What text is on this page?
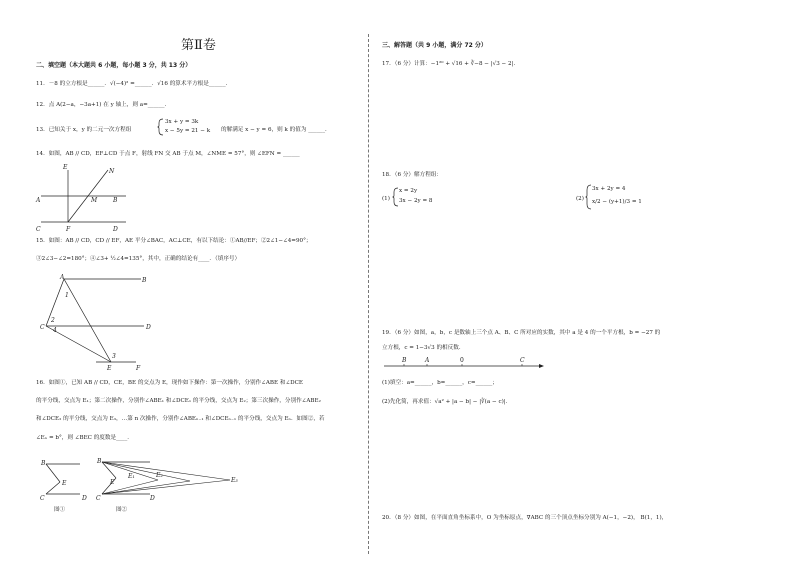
第Ⅱ卷
二、填空题（本大题共 6 小题，每小题 3 分，共 13 分）
11．－8 的立方根是______．√(−4)² =______．√16 的算术平方根是______．
12．点 A(2−a，−3a+1) 在 y 轴上，则 a=______．
13．已知关于 x，y 的二元一次方程组
3x + y = 3k
x − 5y = 21 − k 的解满足 x − y = 6，则 k 的值为 ______．
14．如图，AB // CD，EF⊥CD 于点 F，射线 FN 交 AB 于点 M，∠NME = 57°，则 ∠EFN = ______
E
N
A	M	B
C	F	D
15．如图：AB // CD，CD // EF，AE 平分∠BAC，AC⊥CE，有以下结论：①AB//EF；②2∠1−∠4=90°；
③2∠3−∠2=180°；④∠3+ ½∠4=135°，其中，正确的结论有____．（填序号）
A	B
1
2
C 4	D
3
E	F
16．如图①，已知 AB // CD，CE，BE 的交点为 E，现作如下操作：第一次操作，分别作∠ABE 和∠DCE
的平分线，交点为 E₁；第二次操作，分别作∠ABE₁ 和∠DCE₁ 的平分线，交点为 E₂；第三次操作，分别作∠ABE₂
和∠DCE₂ 的平分线，交点为 E₃，…第 n 次操作，分别作∠ABEₙ₋₁ 和∠DCEₙ₋₁ 的平分线，交点为 Eₙ．如图②，若
∠Eₙ = b°，则 ∠BEC 的度数是____．
B
E
C	D
图①
B
E
E₁	E₂
E₃
C	D
图②
三、解答题（共 9 小题，满分 72 分）
17．（6 分）计算：−1²⁰ + √16 + ∛−8 − |√3 − 2|．
18．（6 分）解方程组：
(1)
x = 2y
3x − 2y = 8	(2)
3x + 2y = 4
x/2 − (y+1)/3 = 1
19．（6 分）如图，a，b，c 是数轴上三个点 A、B、C 所对应的实数，其中 a 是 4 的一个平方根，b = −27 的
立方根，c = 1−3√3 的相反数．
B	A	0	C
(1)填空：a=______，b=______，c=______；
(2)先化简，再求值：√a² + |a − b| − |∛(a − c)|．
20．（8 分）如图，在平面直角坐标系中，O 为坐标原点，∇ABC 的三个顶点坐标分别为 A(−1，−2)， B(1，1)，
